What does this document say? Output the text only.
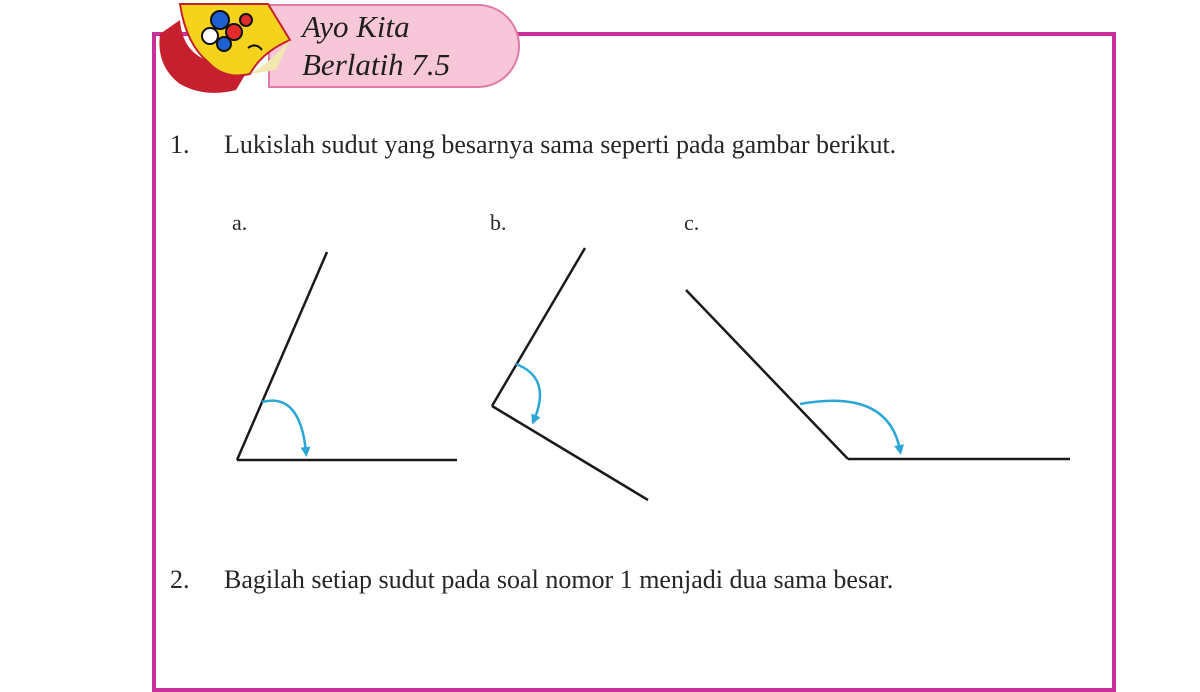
Ayo Kita
Berlatih 7.5
1. Lukislah sudut yang besarnya sama seperti pada gambar berikut.
a.	b.	c.
2. Bagilah setiap sudut pada soal nomor 1 menjadi dua sama besar.
